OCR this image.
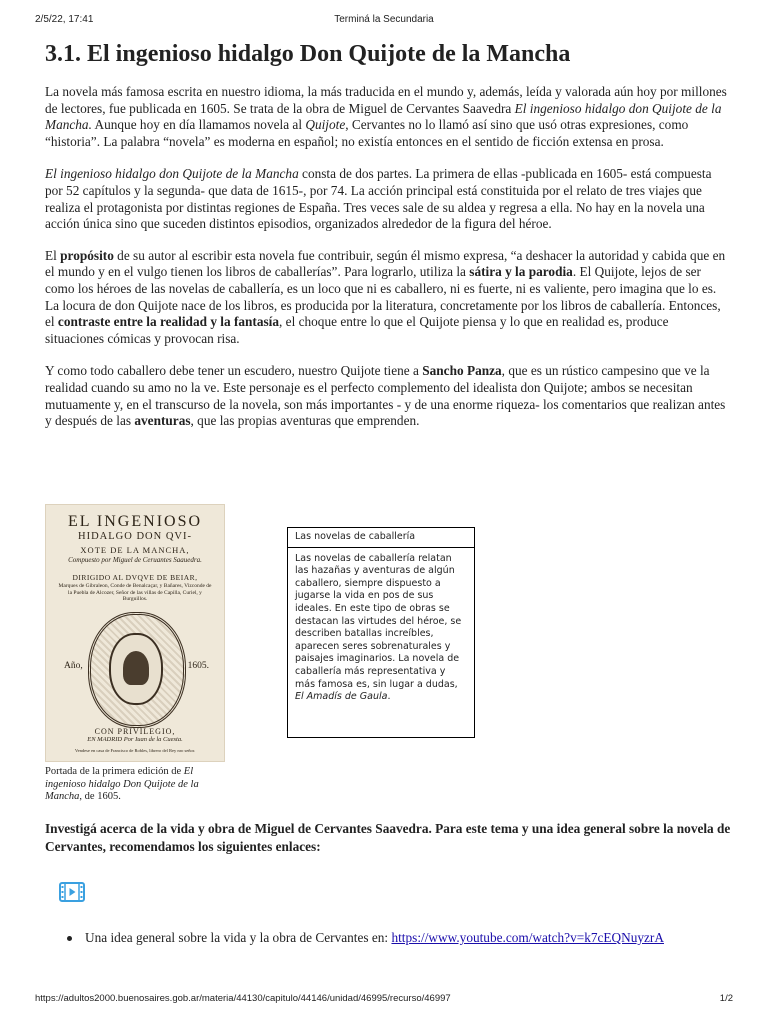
2/5/22, 17:41	Terminá la Secundaria
3.1. El ingenioso hidalgo Don Quijote de la Mancha

La novela más famosa escrita en nuestro idioma, la más traducida en el mundo y, además, leída y valorada aún hoy por millones de lectores, fue publicada en 1605. Se trata de la obra de Miguel de Cervantes Saavedra El ingenioso hidalgo don Quijote de la Mancha. Aunque hoy en día llamamos novela al Quijote, Cervantes no lo llamó así sino que usó otras expresiones, como “historia”. La palabra “novela” es moderna en español; no existía entonces en el sentido de ficción extensa en prosa.

El ingenioso hidalgo don Quijote de la Mancha consta de dos partes. La primera de ellas -publicada en 1605- está compuesta por 52 capítulos y la segunda- que data de 1615-, por 74. La acción principal está constituida por el relato de tres viajes que realiza el protagonista por distintas regiones de España. Tres veces sale de su aldea y regresa a ella. No hay en la novela una acción única sino que suceden distintos episodios, organizados alrededor de la figura del héroe.

El propósito de su autor al escribir esta novela fue contribuir, según él mismo expresa, “a deshacer la autoridad y cabida que en el mundo y en el vulgo tienen los libros de caballerías”. Para lograrlo, utiliza la sátira y la parodia. El Quijote, lejos de ser como los héroes de las novelas de caballería, es un loco que ni es caballero, ni es fuerte, ni es valiente, pero imagina que lo es. La locura de don Quijote nace de los libros, es producida por la literatura, concretamente por los libros de caballería. Entonces, el contraste entre la realidad y la fantasía, el choque entre lo que el Quijote piensa y lo que en realidad es, produce situaciones cómicas y provocan risa.

Y como todo caballero debe tener un escudero, nuestro Quijote tiene a Sancho Panza, que es un rústico campesino que ve la realidad cuando su amo no la ve. Este personaje es el perfecto complemento del idealista don Quijote; ambos se necesitan mutuamente y, en el transcurso de la novela, son más importantes - y de una enorme riqueza- los comentarios que realizan antes y después de las aventuras, que las propias aventuras que emprenden.

EL INGENIOSO
HIDALGO DON QVI-
XOTE DE LA MANCHA,
Compuesto por Miguel de Ceruantes Saauedra.
DIRIGIDO AL DVQVE DE BEIAR,
Marques de Gibraleon, Conde de Benalcaçar, y Bañares, Vizconde de la Puebla de Alcozer, Señor de las villas de Capilla, Curiel, y Burguillos.
Año,	1605.
CON PRIVILEGIO,
EN MADRID Por Iuan de la Cuesta.
Vendese en casa de Francisco de Robles, librero del Rey nro señor.
Portada de la primera edición de El ingenioso hidalgo Don Quijote de la Mancha, de 1605.
Las novelas de caballería
Las novelas de caballería relatan las hazañas y aventuras de algún caballero, siempre dispuesto a jugarse la vida en pos de sus ideales. En este tipo de obras se destacan las virtudes del héroe, se describen batallas increíbles, aparecen seres sobrenaturales y paisajes imaginarios. La novela de caballería más representativa y más famosa es, sin lugar a dudas, El Amadís de Gaula.
Investigá acerca de la vida y obra de Miguel de Cervantes Saavedra. Para este tema y una idea general sobre la novela de Cervantes, recomendamos los siguientes enlaces:
Una idea general sobre la vida y la obra de Cervantes en: https://www.youtube.com/watch?v=k7cEQNuyzrA
https://adultos2000.buenosaires.gob.ar/materia/44130/capitulo/44146/unidad/46995/recurso/46997	1/2
